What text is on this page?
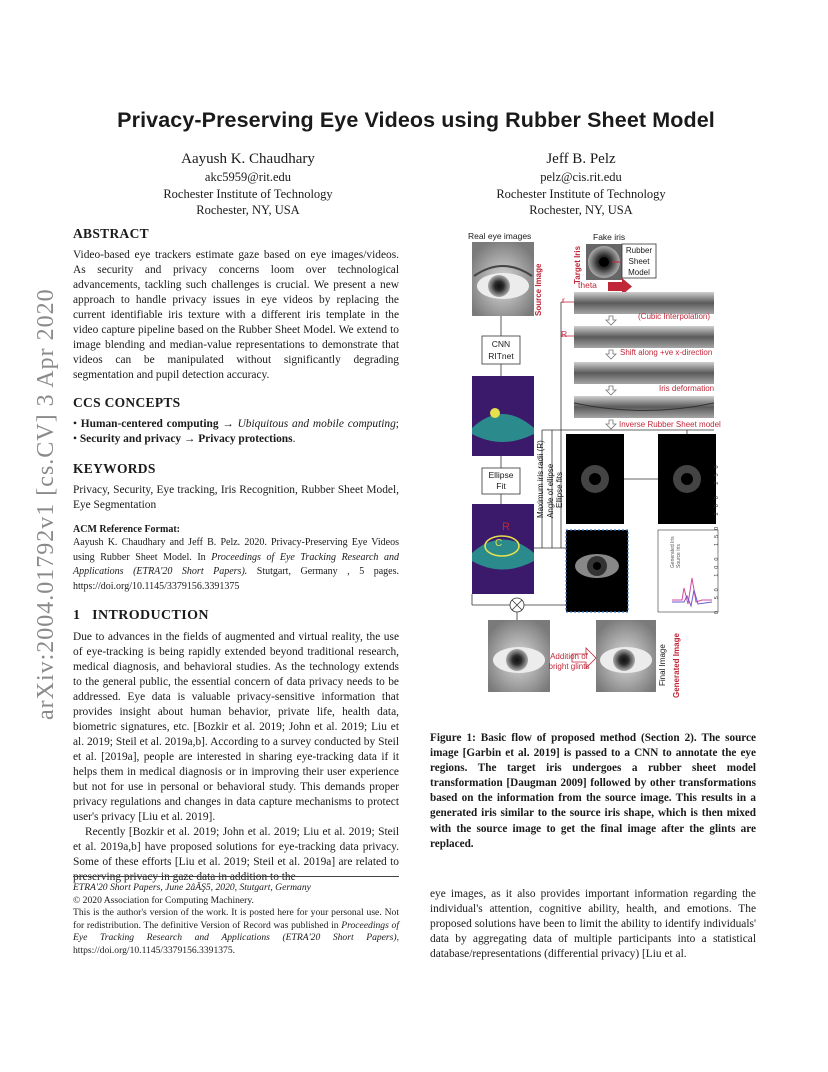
arXiv:2004.01792v1 [cs.CV] 3 Apr 2020
Privacy-Preserving Eye Videos using Rubber Sheet Model
Aayush K. Chaudhary
akc5959@rit.edu
Rochester Institute of Technology
Rochester, NY, USA
Jeff B. Pelz
pelz@cis.rit.edu
Rochester Institute of Technology
Rochester, NY, USA
ABSTRACT

Video-based eye trackers estimate gaze based on eye images/videos. As security and privacy concerns loom over technological advancements, tackling such challenges is crucial. We present a new approach to handle privacy issues in eye videos by replacing the current identifiable iris texture with a different iris template in the video capture pipeline based on the Rubber Sheet Model. We extend to image blending and median-value representations to demonstrate that videos can be manipulated without significantly degrading segmentation and pupil detection accuracy.

CCS CONCEPTS

• Human-centered computing → Ubiquitous and mobile computing; • Security and privacy → Privacy protections.

KEYWORDS

Privacy, Security, Eye tracking, Iris Recognition, Rubber Sheet Model, Eye Segmentation

ACM Reference Format:

Aayush K. Chaudhary and Jeff B. Pelz. 2020. Privacy-Preserving Eye Videos using Rubber Sheet Model. In Proceedings of Eye Tracking Research and Applications (ETRA'20 Short Papers). Stutgart, Germany , 5 pages. https://doi.org/10.1145/3379156.3391375

1 INTRODUCTION

Due to advances in the fields of augmented and virtual reality, the use of eye-tracking is being rapidly extended beyond traditional research, medical diagnosis, and behavioral studies. As the technology extends to the general public, the essential concern of data privacy needs to be addressed. Eye data is valuable privacy-sensitive information that provides insight about human behavior, private life, health data, biometric signatures, etc. [Bozkir et al. 2019; John et al. 2019; Liu et al. 2019; Steil et al. 2019a,b]. According to a survey conducted by Steil et al. [2019a], people are interested in sharing eye-tracking data if it helps them in medical diagnosis or in improving their user experience but not for use in personal or behavioral study. This demands proper privacy regulations and changes in data capture mechanisms to protect user's privacy [Liu et al. 2019].

Recently [Bozkir et al. 2019; John et al. 2019; Liu et al. 2019; Steil et al. 2019a,b] have proposed solutions for eye-tracking data privacy. Some of these efforts [Liu et al. 2019; Steil et al. 2019a] are related to preserving privacy in gaze data in addition to the

ETRA'20 Short Papers, June 2âĂŞ5, 2020, Stutgart, Germany
© 2020 Association for Computing Machinery.
This is the author's version of the work. It is posted here for your personal use. Not for redistribution. The definitive Version of Record was published in Proceedings of Eye Tracking Research and Applications (ETRA'20 Short Papers), https://doi.org/10.1145/3379156.3391375.
Real eye images
Source Image	Target Iris
Fake iris
Rubber
Sheet
Model
theta
r
R
(Cubic Interpolation)
CNN
RITnet	Shift along +ve x-direction
Iris deformation
Inverse Rubber Sheet model
Maximum iris radii (R) Angle of ellipse Ellipse fits
Ellipse
Fit
R
C	Generated Iris Source Iris
0 50 100 150 200 250
Addition of
bright glints	Final Image Generated Image
Figure 1: Basic flow of proposed method (Section 2). The source image [Garbin et al. 2019] is passed to a CNN to annotate the eye regions. The target iris undergoes a rubber sheet model transformation [Daugman 2009] followed by other transformations based on the information from the source image. This results in a generated iris similar to the source iris shape, which is then mixed with the source image to get the final image after the glints are replaced.
eye images, as it also provides important information regarding the individual's attention, cognitive ability, health, and emotions. The proposed solutions have been to limit the ability to identify individuals' data by aggregating data of multiple participants into a statistical database/representations (differential privacy) [Liu et al.
